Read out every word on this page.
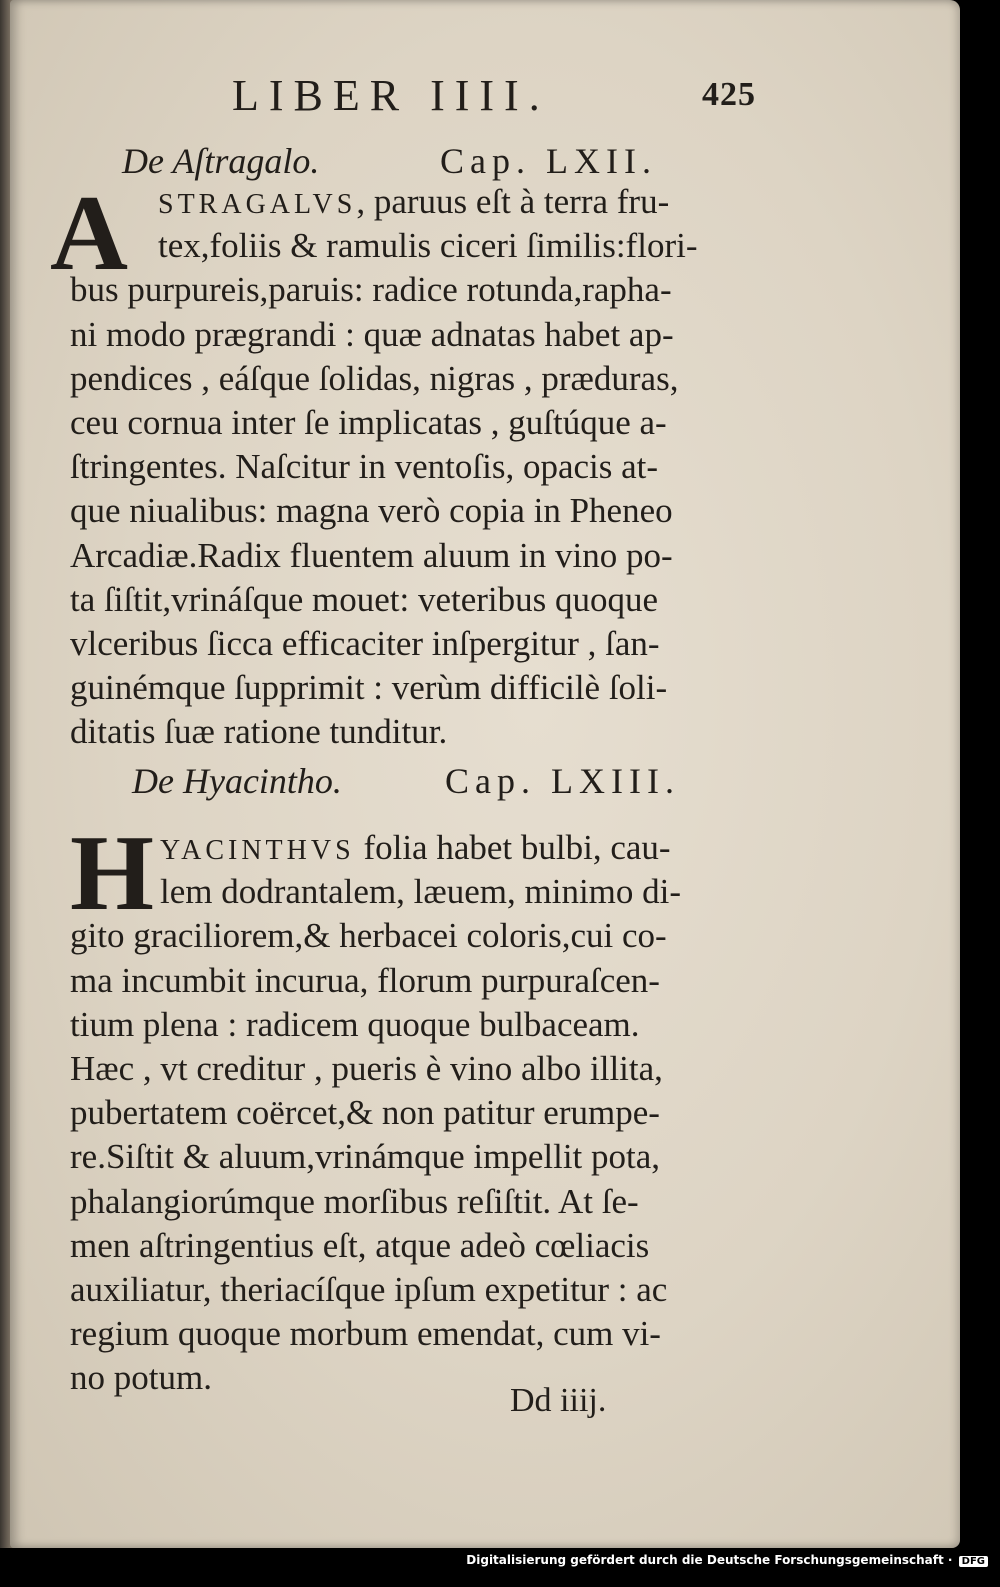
LIBER IIII.	425
De Aſtragalo.	Cap. LXII.
A	STRAGALVS, paruus eſt à terra fru-
tex,foliis & ramulis ciceri ſimilis:flori-
bus purpureis,paruis: radice rotunda,rapha-
ni modo prægrandi : quæ adnatas habet ap-
pendices , eáſque ſolidas, nigras , præduras,
ceu cornua inter ſe implicatas , guſtúque a-
ſtringentes. Naſcitur in ventoſis, opacis at-
que niualibus: magna verò copia in Pheneo
Arcadiæ.Radix fluentem aluum in vino po-
ta ſiſtit,vrináſque mouet: veteribus quoque
vlceribus ſicca efficaciter inſpergitur , ſan-
guinémque ſupprimit : verùm difficilè ſoli-
ditatis ſuæ ratione tunditur.
De Hyacintho.	Cap. LXIII.
H YACINTHVS folia habet bulbi, cau-
lem dodrantalem, læuem, minimo di-
gito graciliorem,& herbacei coloris,cui co-
ma incumbit incurua, florum purpuraſcen-
tium plena : radicem quoque bulbaceam.
Hæc , vt creditur , pueris è vino albo illita,
pubertatem coërcet,& non patitur erumpe-
re.Siſtit & aluum,vrinámque impellit pota,
phalangiorúmque morſibus reſiſtit. At ſe-
men aſtringentius eſt, atque adeò cœliacis
auxiliatur, theriacíſque ipſum expetitur : ac
regium quoque morbum emendat, cum vi-
no potum.
Dd iiij.
Digitalisierung gefördert durch die Deutsche Forschungsgemeinschaft · DFG
